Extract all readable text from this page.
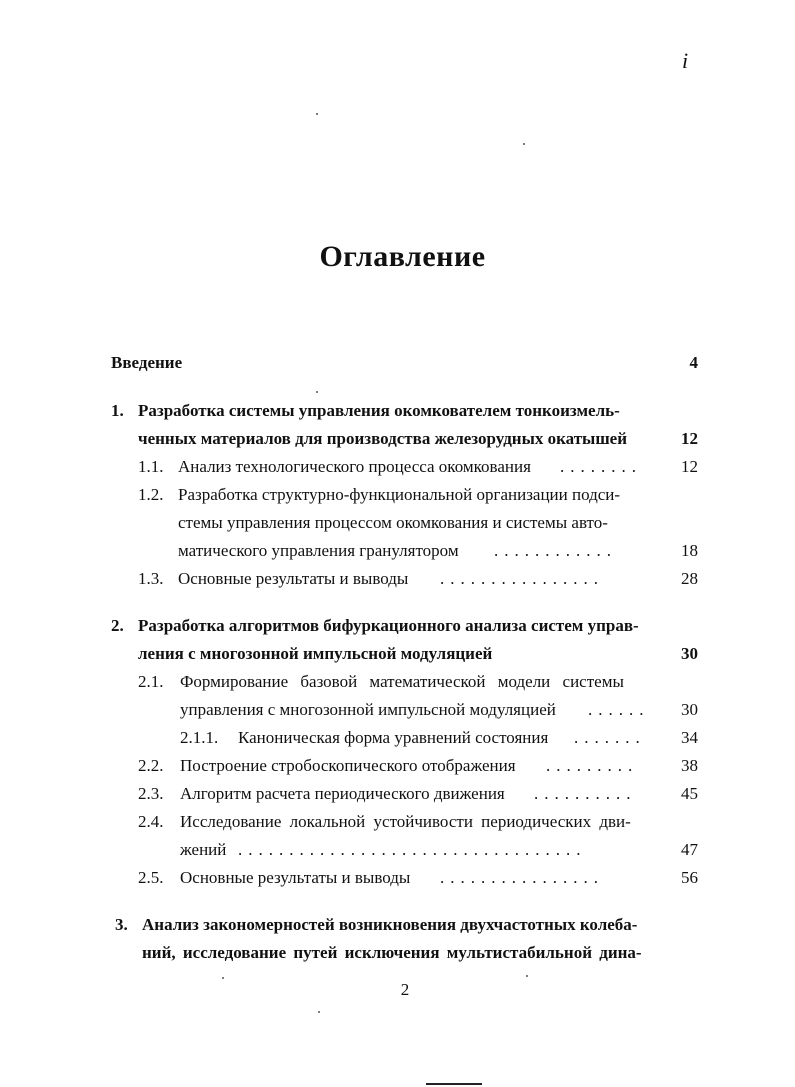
i
Оглавление
Введение	4
1. Разработка системы управления окомкователем тонкоизмель-
ченных материалов для производства железорудных окатышей	12
1.1. Анализ технологического процесса окомкования ........	12
1.2. Разработка структурно-функциональной организации подси-
стемы управления процессом окомкования и системы авто-
матического управления гранулятором ............	18
1.3. Основные результаты и выводы ................	28
2. Разработка алгоритмов бифуркационного анализа систем управ-
ления с многозонной импульсной модуляцией	30
2.1. Формирование базовой математической модели системы
управления с многозонной импульсной модуляцией ......	30
2.1.1. Каноническая форма уравнений состояния .......	34
2.2. Построение стробоскопического отображения .........	38
2.3. Алгоритм расчета периодического движения ..........	45
2.4. Исследование локальной устойчивости периодических дви-
жений ..................................	47
2.5. Основные результаты и выводы ................	56
3. Анализ закономерностей возникновения двухчастотных колеба-
ний, исследование путей исключения мультистабильной дина-
2
